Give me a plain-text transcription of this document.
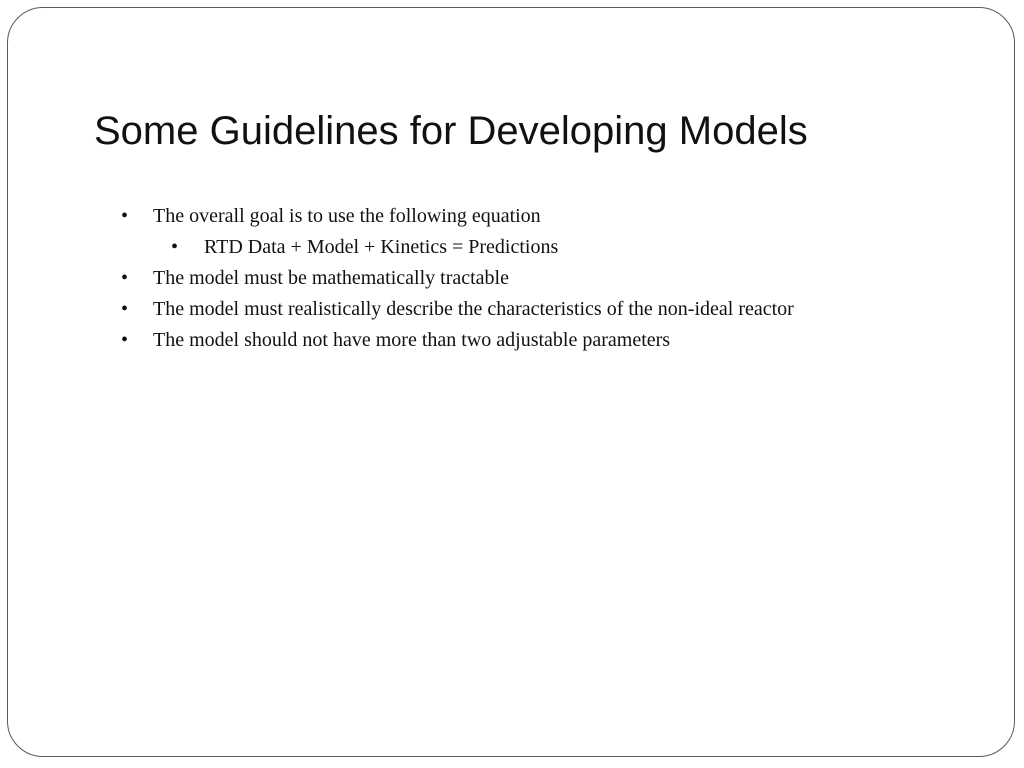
Some Guidelines for Developing Models
• The overall goal is to use the following equation
• RTD Data + Model + Kinetics = Predictions
• The model must be mathematically tractable
• The model must realistically describe the characteristics of the non-ideal reactor
• The model should not have more than two adjustable parameters
